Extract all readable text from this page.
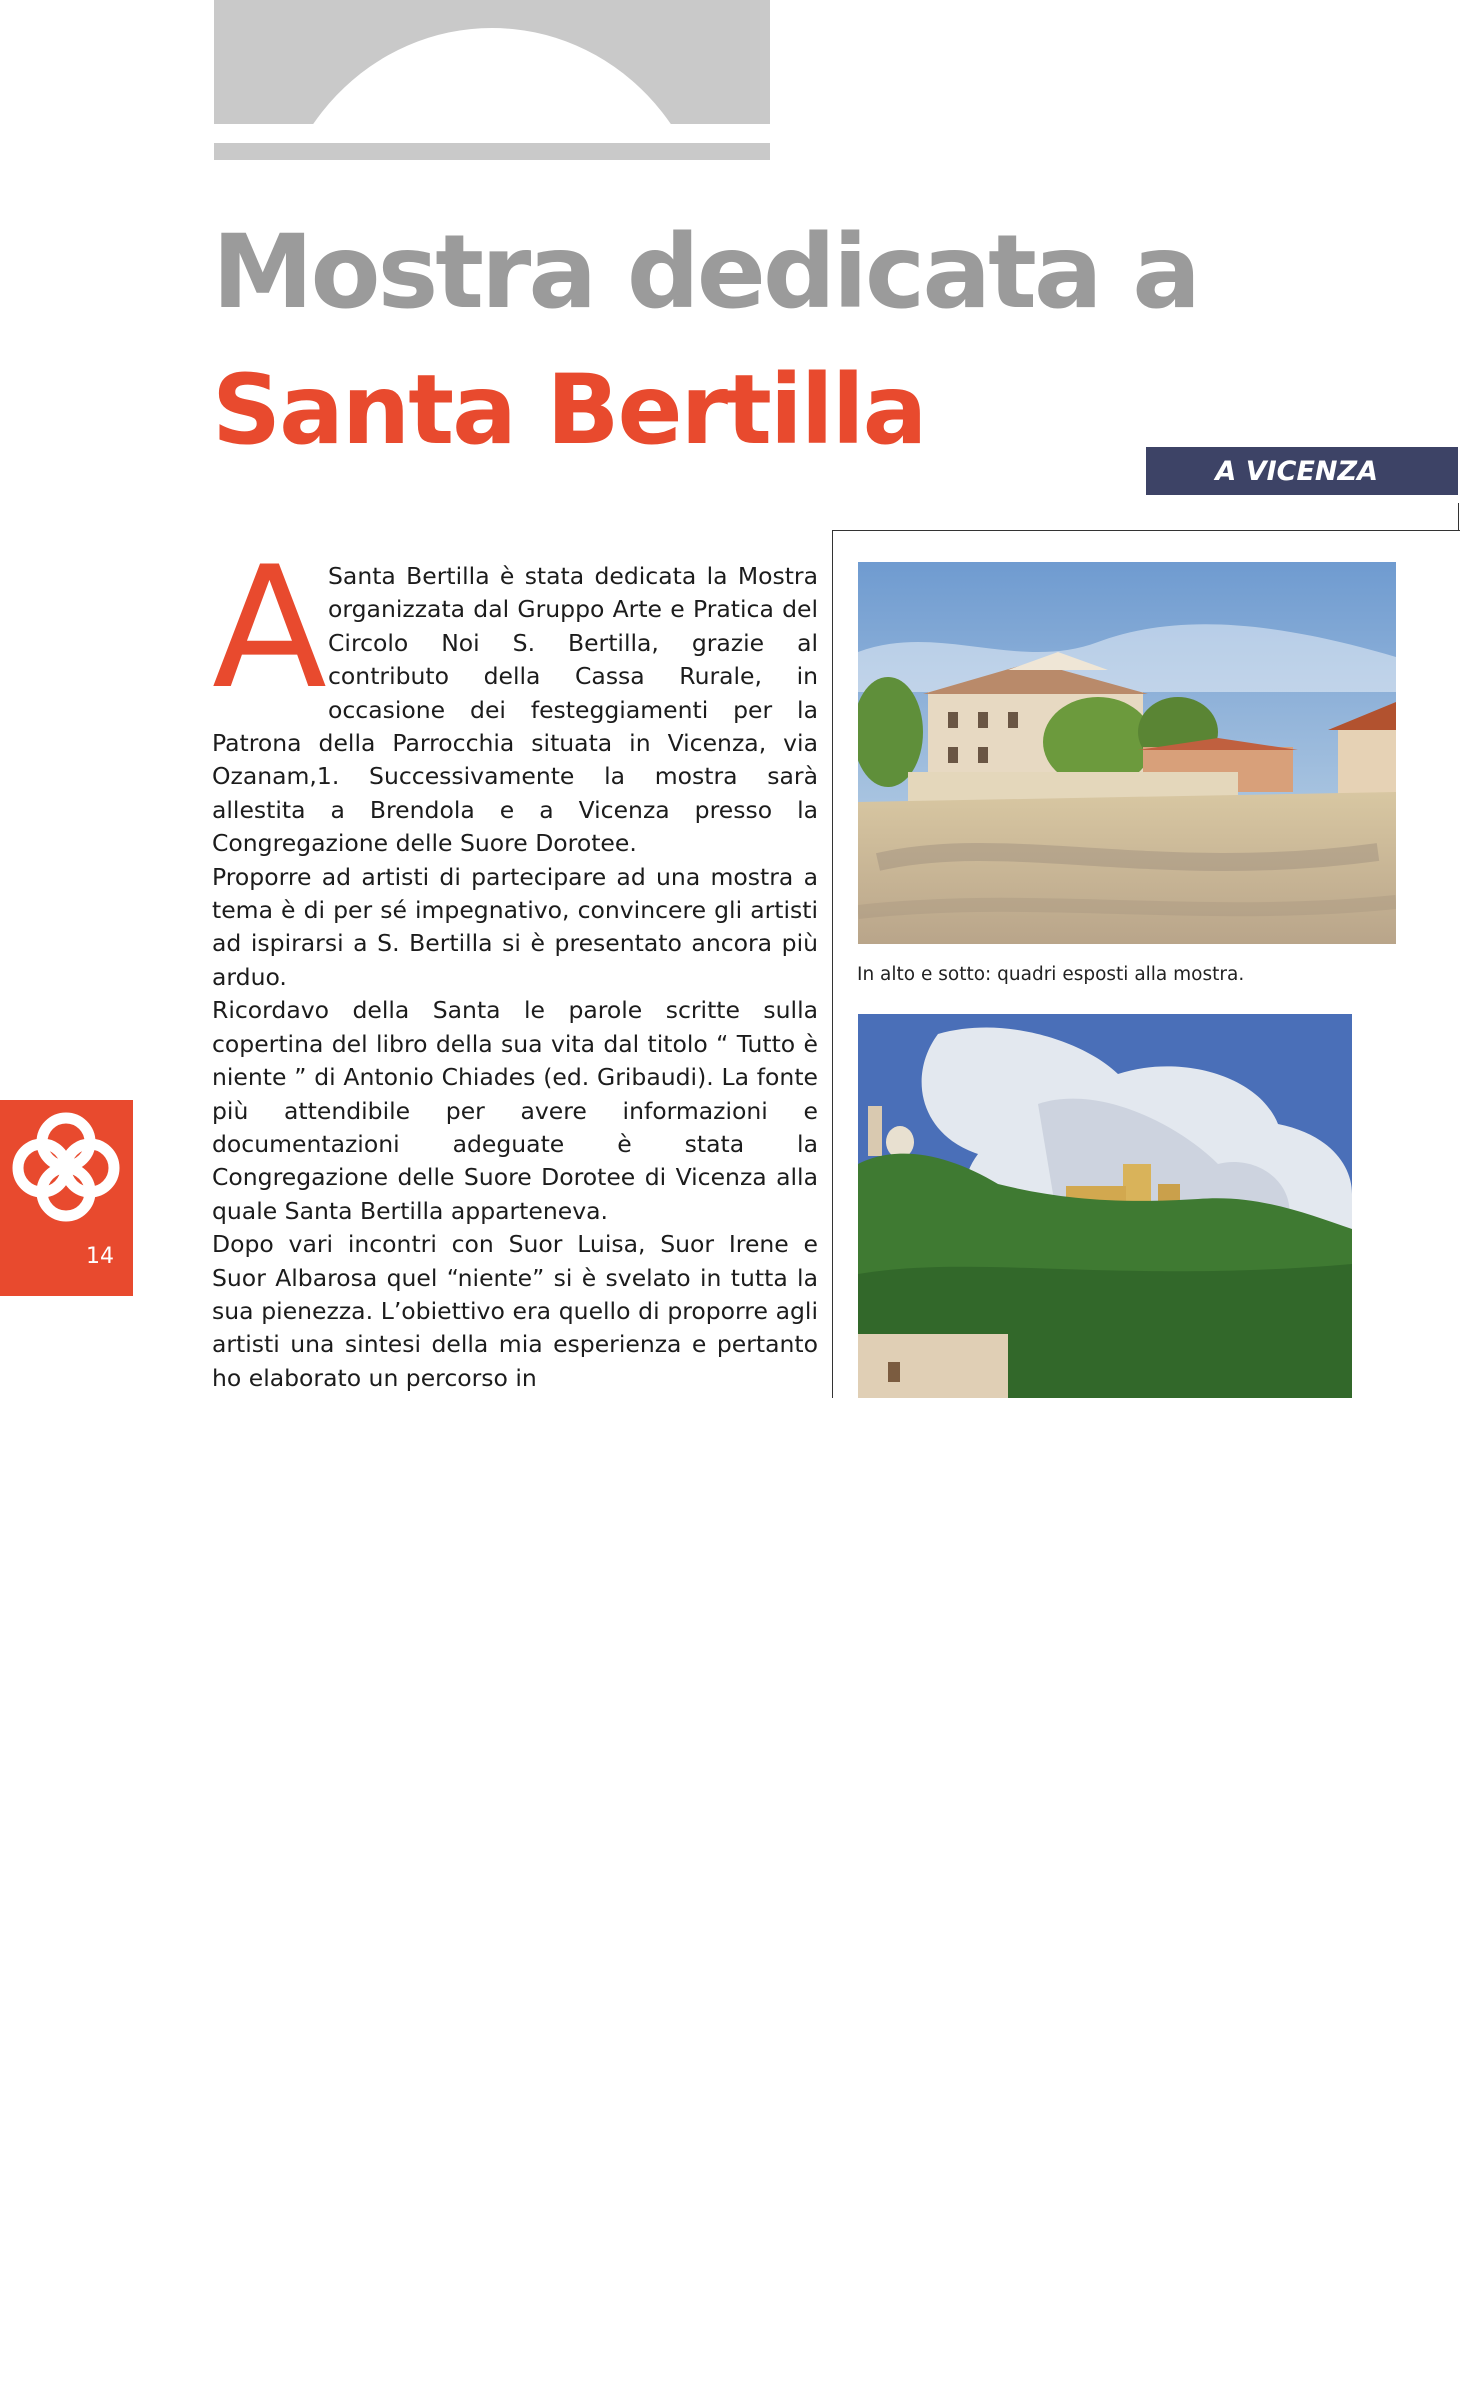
Mostra dedicata a
Santa Bertilla
A VICENZA
A Santa Bertilla è stata dedicata la Mostra organizzata dal Gruppo Arte e Pratica del Circolo Noi S. Bertilla, grazie al contributo della Cassa Rurale, in occasione dei festeggiamenti per la Patrona della Parrocchia situata in Vicenza, via Ozanam,1. Successivamente la mostra sarà allestita a Brendola e a Vicenza presso la Congregazione delle Suore Dorotee.

Proporre ad artisti di partecipare ad una mostra a tema è di per sé impegnativo, convincere gli artisti ad ispirarsi a S. Bertilla si è presentato ancora più arduo.

Ricordavo della Santa le parole scritte sulla copertina del libro della sua vita dal titolo “ Tutto è niente ” di Antonio Chiades (ed. Gribaudi). La fonte più attendibile per avere informazioni e documentazioni adeguate è stata la Congregazione delle Suore Dorotee di Vicenza alla quale Santa Bertilla apparteneva.

Dopo vari incontri con Suor Luisa, Suor Irene e Suor Albarosa quel “niente” si è svelato in tutta la sua pienezza. L’obiettivo era quello di proporre agli artisti una sintesi della mia esperienza e pertanto ho elaborato un percorso in

In alto e sotto: quadri esposti alla mostra.
14
